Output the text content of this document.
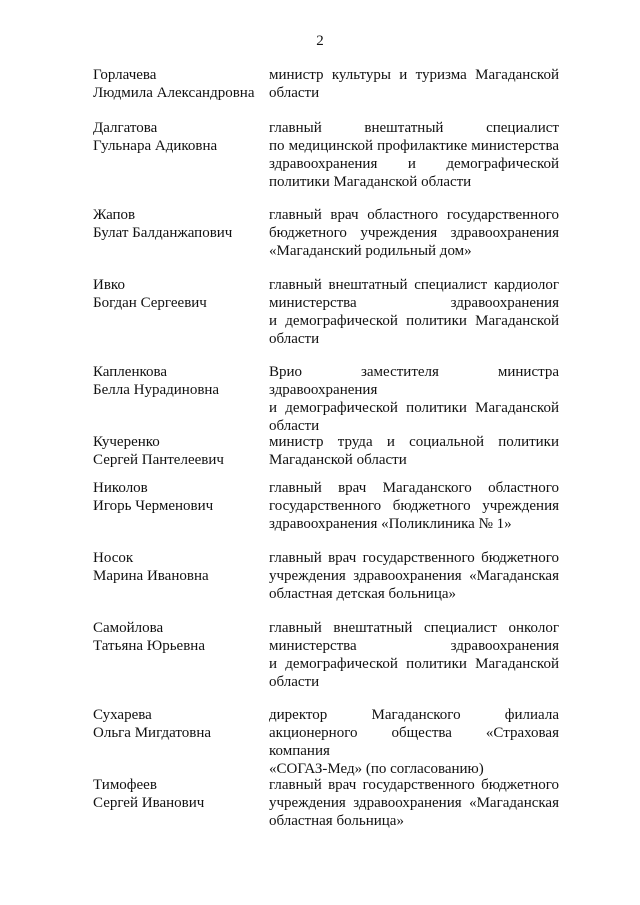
2
Горлачева
Людмила Александровна
министр культуры и туризма Магаданской
области
Далгатова
Гульнара Адиковна
главный внештатный специалист
по медицинской профилактике министерства
здравоохранения и демографической
политики Магаданской области
Жапов
Булат Балданжапович
главный врач областного государственного
бюджетного учреждения здравоохранения
«Магаданский родильный дом»
Ивко
Богдан Сергеевич
главный внештатный специалист кардиолог
министерства здравоохранения
и демографической политики Магаданской
области
Капленкова
Белла Нурадиновна
Врио заместителя министра здравоохранения
и демографической политики Магаданской
области
Кучеренко
Сергей Пантелеевич
министр труда и социальной политики
Магаданской области
Николов
Игорь Черменович
главный врач Магаданского областного
государственного бюджетного учреждения
здравоохранения «Поликлиника № 1»
Носок
Марина Ивановна
главный врач государственного бюджетного
учреждения здравоохранения «Магаданская
областная детская больница»
Самойлова
Татьяна Юрьевна
главный внештатный специалист онколог
министерства здравоохранения
и демографической политики Магаданской
области
Сухарева
Ольга Мигдатовна
директор Магаданского филиала
акционерного общества «Страховая компания
«СОГАЗ-Мед» (по согласованию)
Тимофеев
Сергей Иванович
главный врач государственного бюджетного
учреждения здравоохранения «Магаданская
областная больница»
